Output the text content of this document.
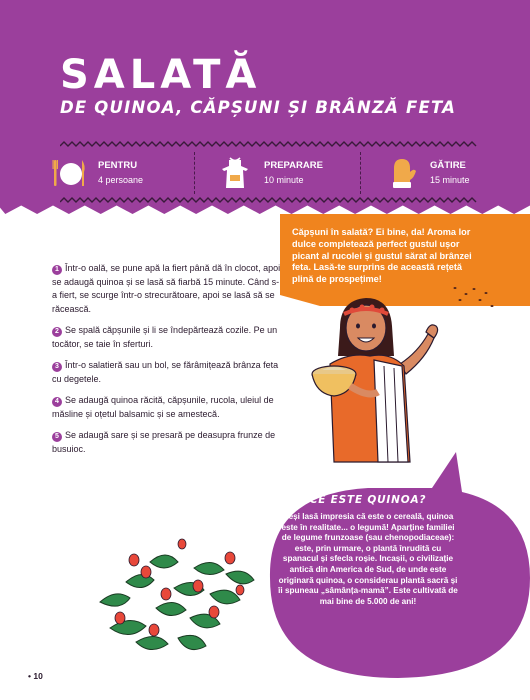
SALATĂ
DE QUINOA, CĂPȘUNI ȘI BRÂNZĂ FETA
PENTRU
4 persoane
PREPARARE
10 minute
GĂTIRE
15 minute
Căpșuni în salată? Ei bine, da! Aroma lor dulce completează perfect gustul ușor picant al rucolei și gustul sărat al brânzei feta. Lasă-te surprins de această rețetă plină de prospețime!
1 Într-o oală, se pune apă la fiert până dă în clocot, apoi se adaugă quinoa și se lasă să fiarbă 15 minute. Când s-a fiert, se scurge într-o strecurătoare, apoi se lasă să se răcească.
2 Se spală căpșunile și li se îndepărtează cozile. Pe un tocător, se taie în sferturi.
3 Într-o salatieră sau un bol, se fărâmițează brânza feta cu degetele.
4 Se adaugă quinoa răcită, căpșunile, rucola, uleiul de măsline și oțetul balsamic și se amestecă.
5 Se adaugă sare și se presară pe deasupra frunze de busuioc.
CE ESTE QUINOA?
Deși lasă impresia că este o cereală, quinoa este în realitate... o legumă! Aparține familiei de legume frunzoase (sau chenopodiaceae): este, prin urmare, o plantă înrudită cu spanacul și sfecla roșie. Incașii, o civilizație antică din America de Sud, de unde este originară quinoa, o considerau plantă sacră și îi spuneau „sâmânța-mamă”. Este cultivată de mai bine de 5.000 de ani!
• 10
